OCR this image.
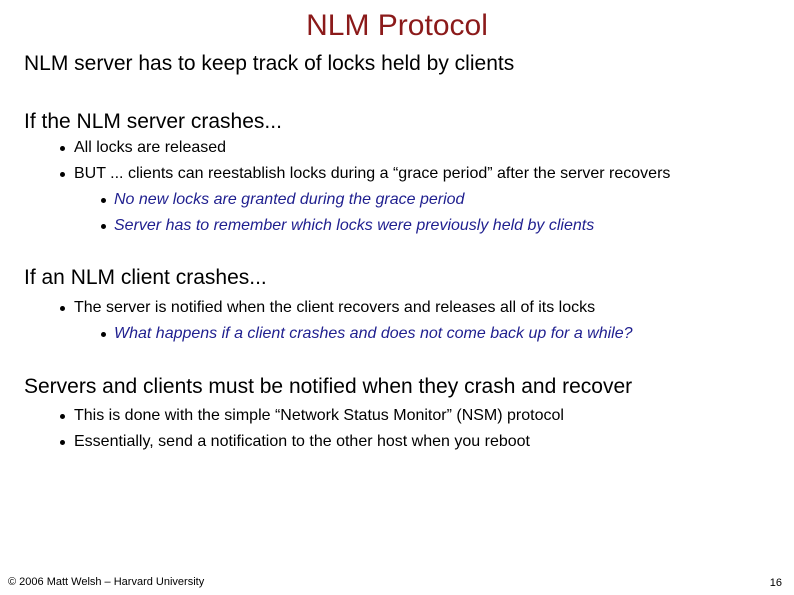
NLM Protocol
NLM server has to keep track of locks held by clients
If the NLM server crashes...
All locks are released
BUT ... clients can reestablish locks during a “grace period” after the server recovers
No new locks are granted during the grace period
Server has to remember which locks were previously held by clients
If an NLM client crashes...
The server is notified when the client recovers and releases all of its locks
What happens if a client crashes and does not come back up for a while?
Servers and clients must be notified when they crash and recover
This is done with the simple “Network Status Monitor” (NSM) protocol
Essentially, send a notification to the other host when you reboot
© 2006 Matt Welsh – Harvard University	16
